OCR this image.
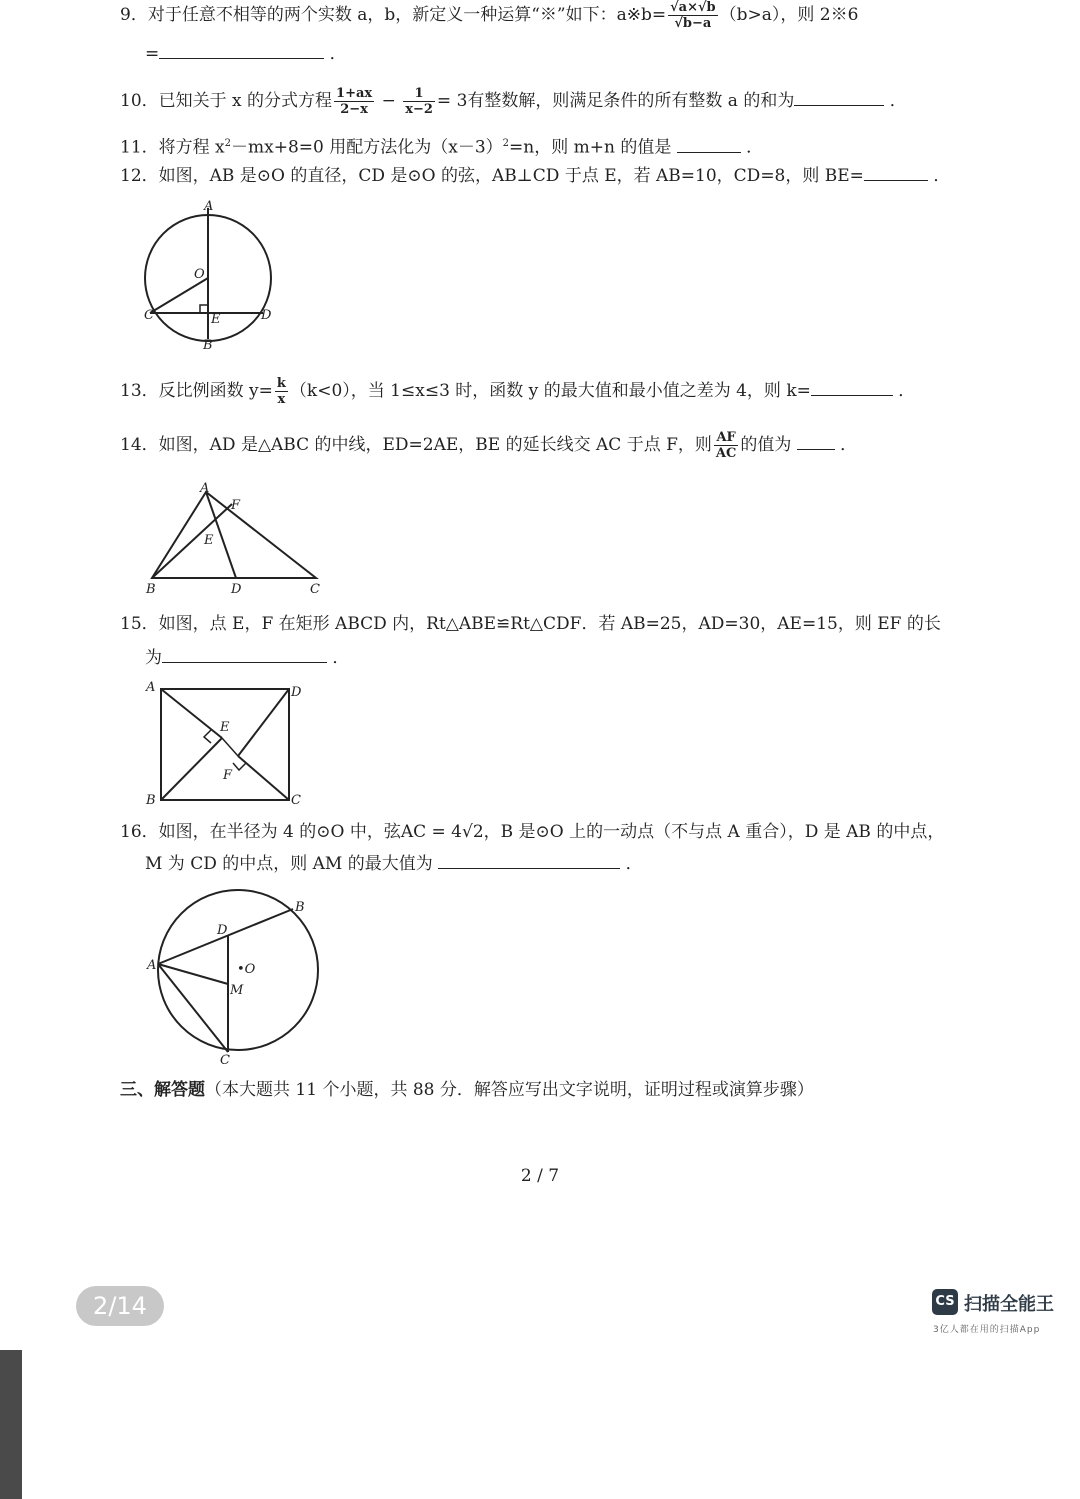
9．对于任意不相等的两个实数 a，b，新定义一种运算“※”如下：a※b= $\frac{√a\times√b}{√b-a} (b>a)$，则 2※6
=	．
10．已知关于 x 的分式方程 $\frac{1+ax}{2-x} - \frac{1}{x-2} = 3$有整数解，则满足条件的所有整数 a 的和为	．
11．将方程 $x^2-mx+8=0$ 用配方法化为$(x-3)^2=n$，则 m+n 的值是	．
12．如图，AB 是⊙O 的直径，CD 是⊙O 的弦，AB⊥CD 于点 E，若 AB=10，CD=8，则 BE=	．
A
O
C	E	D
B
13．反比例函数 $y= \frac{k}{x} (k<0)$，当 1≤x≤3 时，函数 y 的最大值和最小值之差为 4，则 k=	．
14．如图，AD 是△ABC 的中线，ED=2AE，BE 的延长线交 AC 于点 F，则 $\frac{AF}{AC}$ 的值为	．
A
F
E
B	D	C
15．如图，点 E，F 在矩形 ABCD 内，Rt△ABE≌Rt△CDF．若 AB=25，AD=30，AE=15，则 EF 的长
为	．
A	D
E
F
B	C
16．如图，在半径为 4 的⊙O 中，弦AC = 4√2，B 是⊙O 上的一动点（不与点 A 重合），D 是 AB 的中点，
M 为 CD 的中点，则 AM 的最大值为	．
B
D
A	•O
M
C
三、解答题（本大题共 11 个小题，共 88 分．解答应写出文字说明，证明过程或演算步骤）
2 / 7
2/14	CS 扫描全能王
3亿人都在用的扫描App
